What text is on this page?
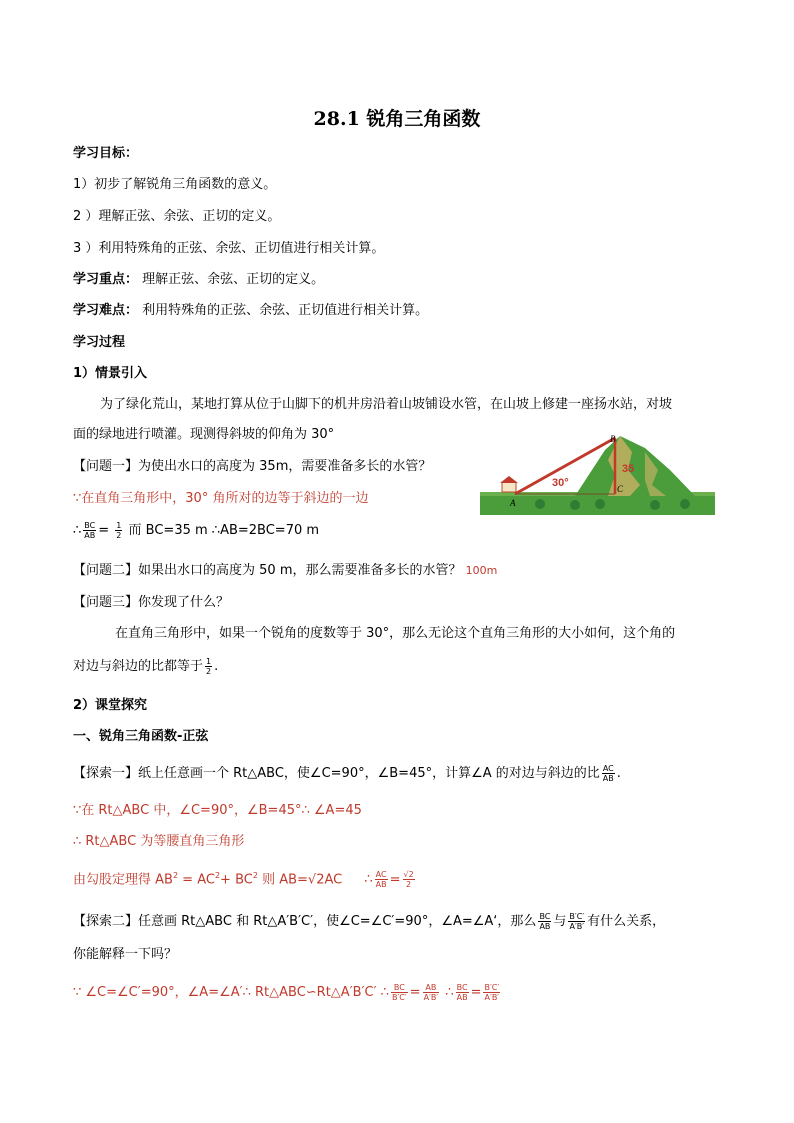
28.1 锐角三角函数
学习目标：
1）初步了解锐角三角函数的意义。
2 ）理解正弦、余弦、正切的定义。
3 ）利用特殊角的正弦、余弦、正切值进行相关计算。
学习重点： 理解正弦、余弦、正切的定义。
学习难点： 利用特殊角的正弦、余弦、正切值进行相关计算。
学习过程
1）情景引入
为了绿化荒山，某地打算从位于山脚下的机井房沿着山坡铺设水管，在山坡上修建一座扬水站，对坡
面的绿地进行喷灌。现测得斜坡的仰角为 30°
【问题一】为使出水口的高度为 35m，需要准备多长的水管？
∵在直角三角形中，30° 角所对的边等于斜边的一边
∴ $\frac{BC}{AB} = \frac{1}{2}$ 而 BC=35 m ∴AB=2BC=70 m
【问题二】如果出水口的高度为 50 m，那么需要准备多长的水管？ 100m
【问题三】你发现了什么？
在直角三角形中，如果一个锐角的度数等于 30°，那么无论这个直角三角形的大小如何，这个角的
对边与斜边的比都等于 $\frac{1}{2}$ .
30°
35
A
B
C
2）课堂探究
一、锐角三角函数-正弦
【探索一】纸上任意画一个 Rt△ABC，使∠C=90°，∠B=45°，计算∠A 的对边与斜边的比 $\frac{AC}{AB}$ .
∵在 Rt△ABC 中，∠C=90°，∠B=45°∴ ∠A=45
∴ Rt△ABC 为等腰直角三角形
由勾股定理得 $AB^2 = AC^2+ BC^2$ 则 AB=√2AC ∴ $\frac{AC}{AB} = \frac{√2}{2}$
【探索二】任意画 Rt△ABC 和 Rt△A′B′C′，使∠C=∠C′=90°，∠A=∠A‘，那么 $\frac{BC}{AB}$ 与 $\frac{B'C'}{A'B'}$ 有什么关系，
你能解释一下吗？
∵ ∠C=∠C′=90°，∠A=∠A′∴ Rt△ABC∽Rt△A′B′C′ ∴ $\frac{BC}{B'C'} = \frac{AB}{A'B'}$ ∴ $\frac{BC}{AB} = \frac{B'C'}{A'B'}$
